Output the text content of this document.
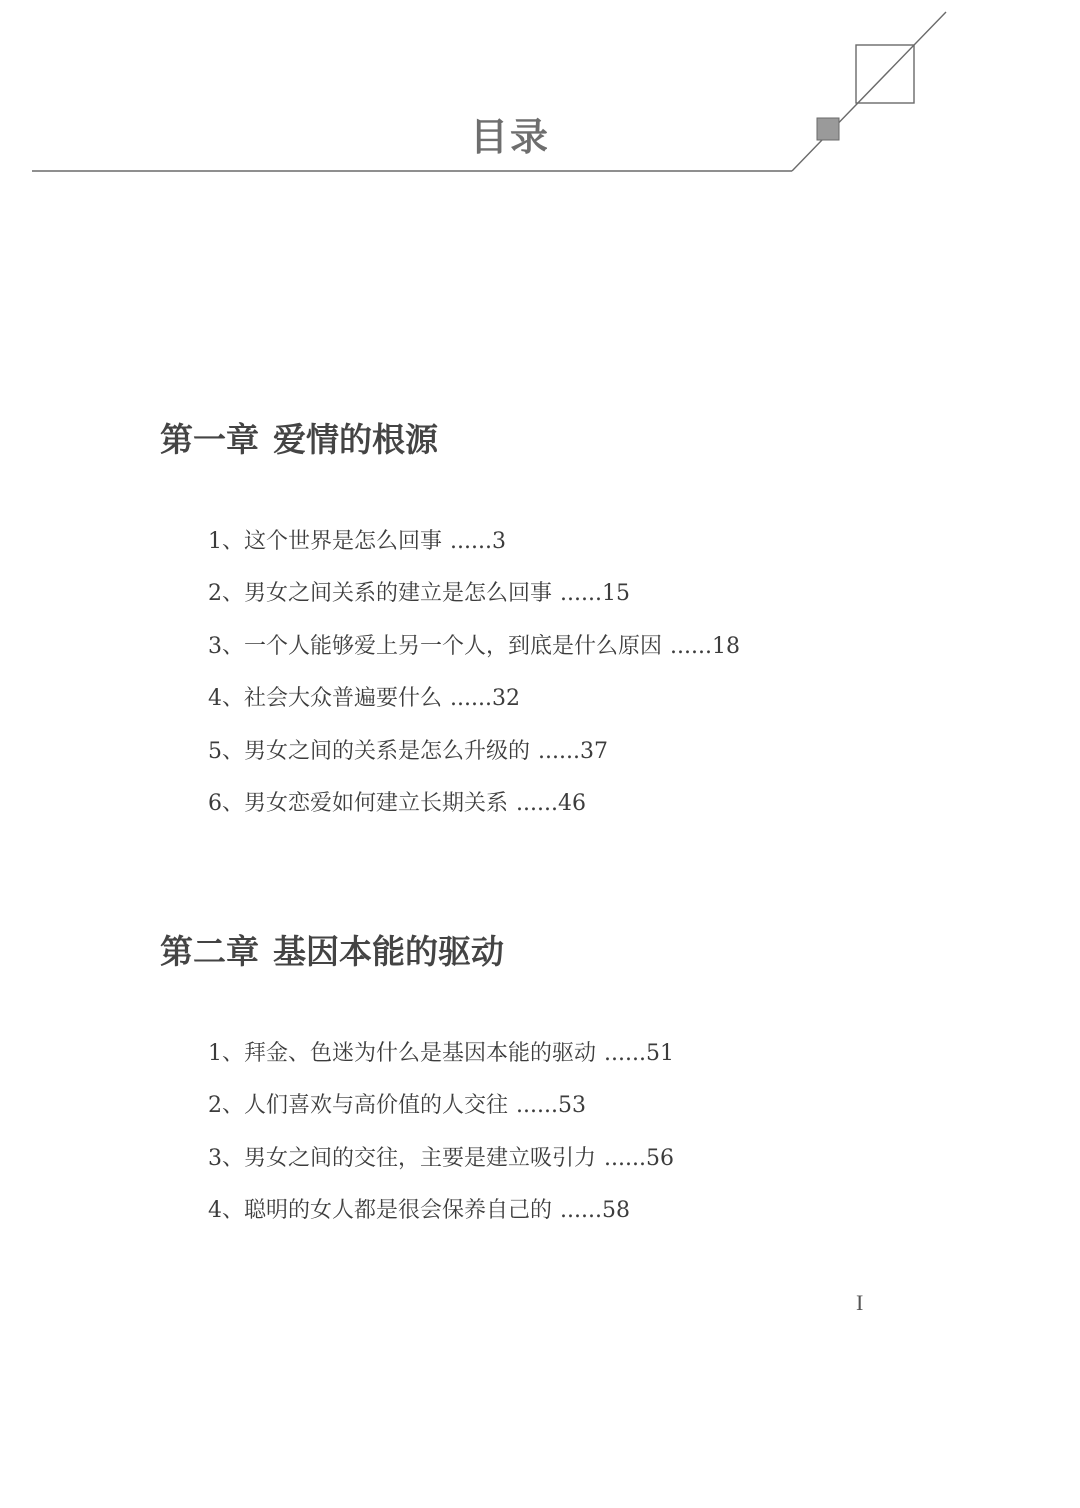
目录
第一章 爱情的根源
1、这个世界是怎么回事 ......3
2、男女之间关系的建立是怎么回事 ......15
3、一个人能够爱上另一个人，到底是什么原因 ......18
4、社会大众普遍要什么 ......32
5、男女之间的关系是怎么升级的 ......37
6、男女恋爱如何建立长期关系 ......46
第二章 基因本能的驱动
1、拜金、色迷为什么是基因本能的驱动 ......51
2、人们喜欢与高价值的人交往 ......53
3、男女之间的交往，主要是建立吸引力 ......56
4、聪明的女人都是很会保养自己的 ......58
I
